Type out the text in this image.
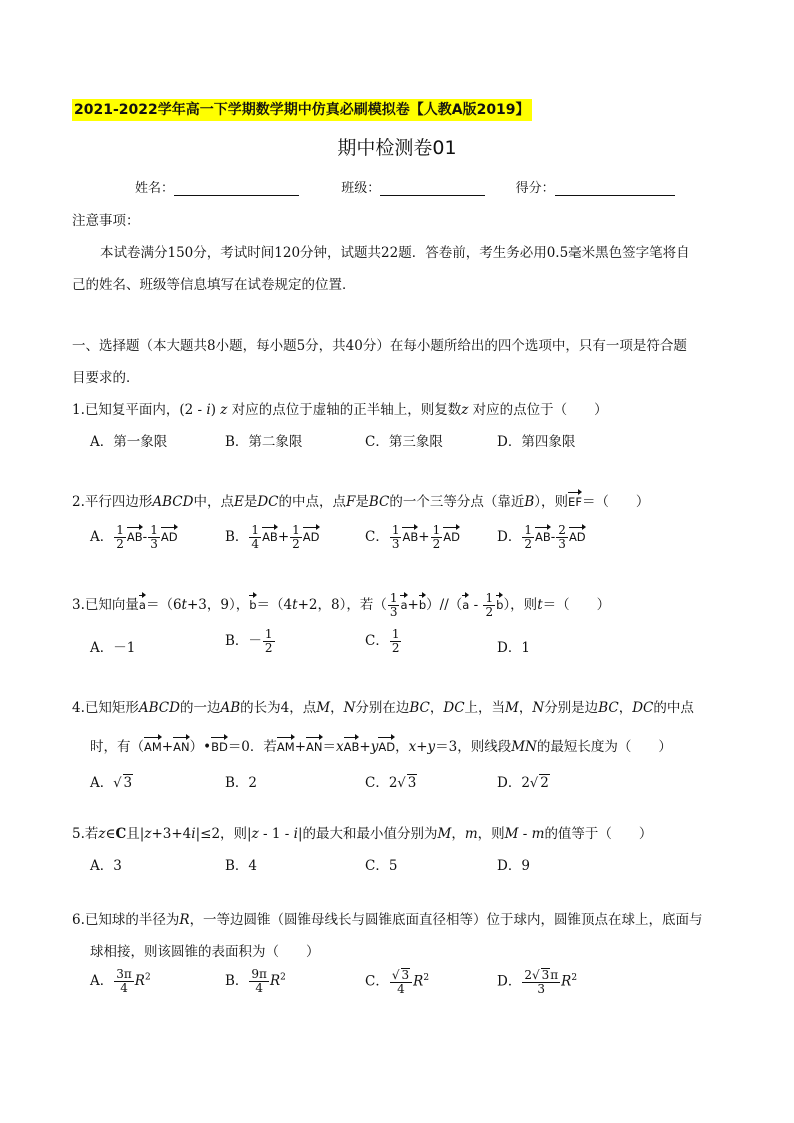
2021-2022学年高一下学期数学期中仿真必刷模拟卷【人教A版2019】
期中检测卷01
姓名：	班级：	得分：
注意事项：
本试卷满分150分，考试时间120分钟，试题共22题．答卷前，考生务必用0.5毫米黑色签字笔将自
己的姓名、班级等信息填写在试卷规定的位置．
一、选择题（本大题共8小题，每小题5分，共40分）在每小题所给出的四个选项中，只有一项是符合题
目要求的．
1.已知复平面内，(2 - i) z 对应的点位于虚轴的正半轴上，则复数z 对应的点位于（　　）
A．第一象限	B．第二象限	C．第三象限	D．第四象限
2.平行四边形ABCD中，点E是DC的中点，点F是BC的一个三等分点（靠近B），则EF＝（　　）
A． $\frac{1}{2} AB- \frac{1}{3}$ AD	B． $\frac{1}{4} AB+ \frac{1}{2}$ AD	C． $\frac{1}{3} AB+ \frac{1}{2}$ AD	D． $\frac{1}{2} AB- \frac{2}{3}$ AD
3.已知向量a＝（6t+3，9），b＝（4t+2，8），若（ $\frac{1}{3} a+b)//(a - \frac{1}{2} b)$，则t＝（　　）
A．－1	B．－ $\frac{1}{2}$	C． $\frac{1}{2}$	D．1
4.已知矩形ABCD的一边AB的长为4，点M，N分别在边BC，DC上，当M，N分别是边BC，DC的中点
时，有（AM+AN）•BD＝0．若AM+AN＝xAB+yAD，x+y＝3，则线段MN的最短长度为（　　）
A．√ 3	B．2	C．2√ 3	D．2√ 2
5.若z∈C且|z+3+4i|≤2，则|z - 1 - i|的最大和最小值分别为M，m，则M - m的值等于（　　）
A．3	B．4	C．5	D．9
6.已知球的半径为R，一等边圆锥（圆锥母线长与圆锥底面直径相等）位于球内，圆锥顶点在球上，底面与
球相接，则该圆锥的表面积为（　　）
A． $\frac{3\pi}{4} R^2$	B． $\frac{9\pi}{4} R^2$	C． $\frac{√ 3}{4} R^2$	D． $\frac{2√ 3\pi}{3} R^2$
